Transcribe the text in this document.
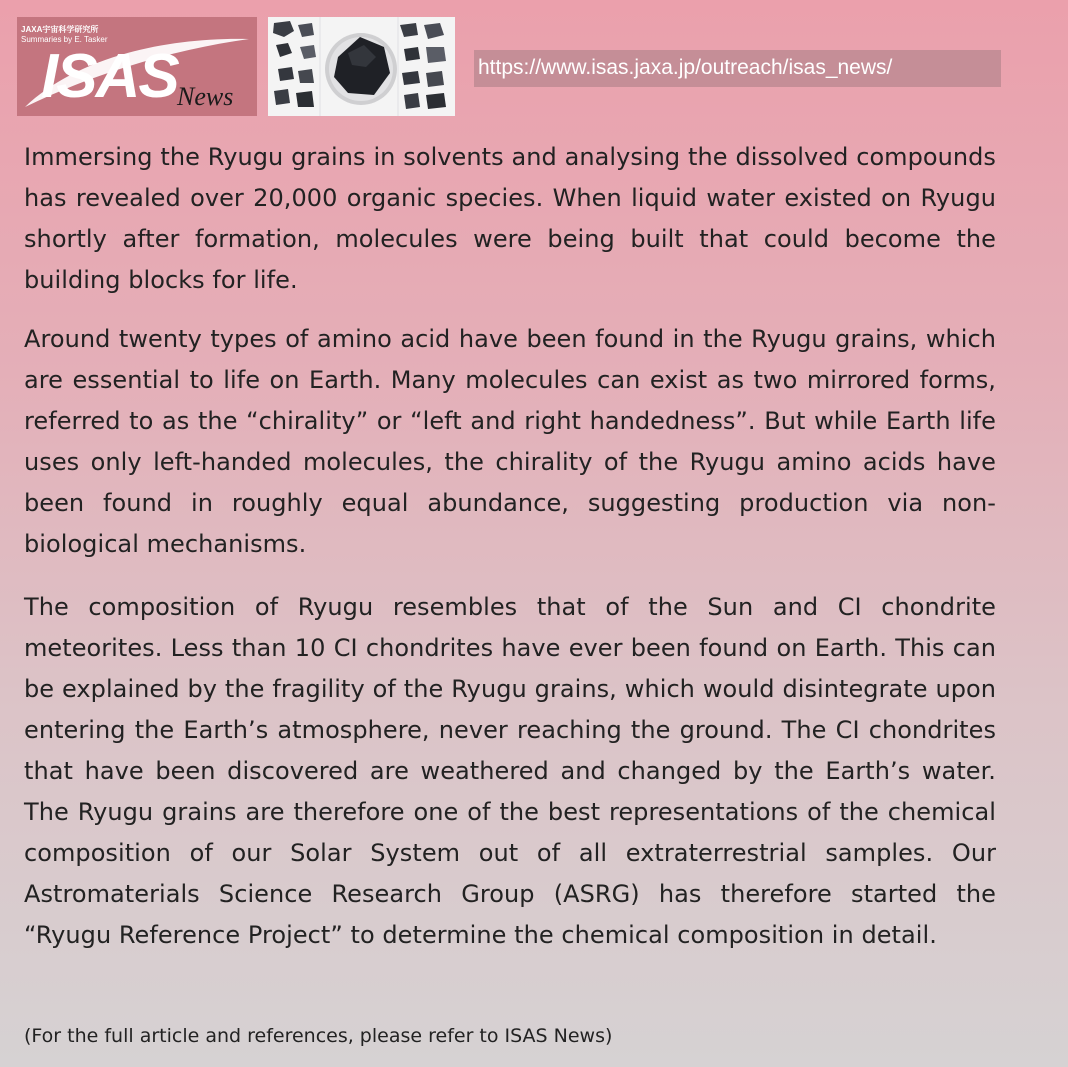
ISAS News
JAXA宇宙科学研究所
Summaries by E. Tasker
https://www.isas.jaxa.jp/outreach/isas_news/

Immersing the Ryugu grains in solvents and analysing the dissolved compounds has revealed over 20,000 organic species. When liquid water existed on Ryugu shortly after formation, molecules were being built that could become the building blocks for life.

Around twenty types of amino acid have been found in the Ryugu grains, which are essential to life on Earth. Many molecules can exist as two mirrored forms, referred to as the “chirality” or “left and right handedness”. But while Earth life uses only left-handed molecules, the chirality of the Ryugu amino acids have been found in roughly equal abundance, suggesting production via non-biological mechanisms.

The composition of Ryugu resembles that of the Sun and CI chondrite meteorites. Less than 10 CI chondrites have ever been found on Earth. This can be explained by the fragility of the Ryugu grains, which would disintegrate upon entering the Earth’s atmosphere, never reaching the ground. The CI chondrites that have been discovered are weathered and changed by the Earth’s water. The Ryugu grains are therefore one of the best representations of the chemical composition of our Solar System out of all extraterrestrial samples. Our Astromaterials Science Research Group (ASRG) has therefore started the “Ryugu Reference Project” to determine the chemical composition in detail.

(For the full article and references, please refer to ISAS News)
